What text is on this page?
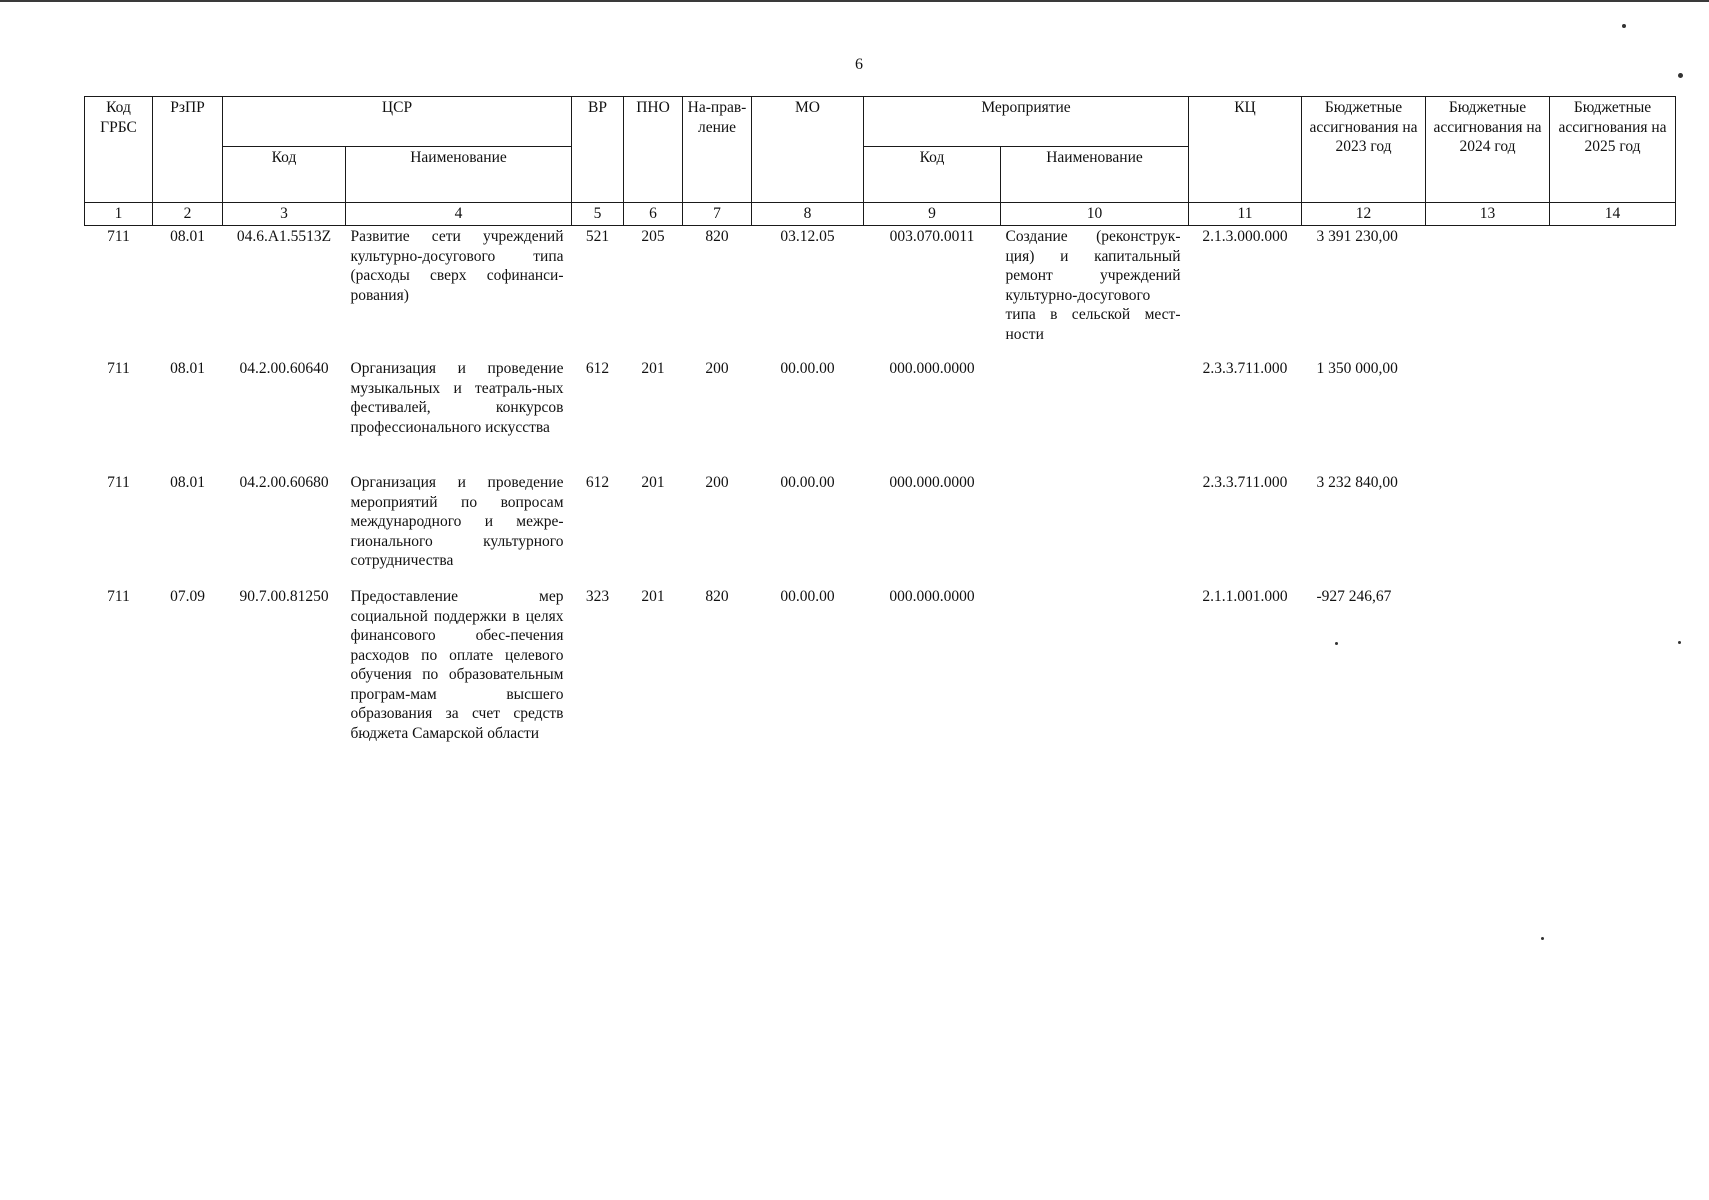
6
Код ГРБС	РзПР	ЦСР		ВР	ПНО	На-прав-ление	МО	Мероприятие		КЦ	Бюджетные ассигнования на 2023 год	Бюджетные ассигнования на 2024 год	Бюджетные ассигнования на 2025 год
		Код	Наименование					Код	Наименование				
1	2	3	4	5	6	7	8	9	10	11	12	13	14
711	08.01	04.6.A1.5513Z	Развитие сети учреждений культурно-досугового типа (расходы сверх софинанси-рования)	521	205	820	03.12.05	003.070.0011	Создание (реконструк-ция) и капитальный ремонт учреждений культурно-досугового типа в сельской мест-ности	2.1.3.000.000	3 391 230,00		
711	08.01	04.2.00.60640	Организация и проведение музыкальных и театраль-ных фестивалей, конкурсов профессионального искусства	612	201	200	00.00.00	000.000.0000		2.3.3.711.000	1 350 000,00		
711	08.01	04.2.00.60680	Организация и проведение мероприятий по вопросам международного и межре-гионального культурного сотрудничества	612	201	200	00.00.00	000.000.0000		2.3.3.711.000	3 232 840,00		
711	07.09	90.7.00.81250	Предоставление мер социальной поддержки в целях финансового обес-печения расходов по оплате целевого обучения по образовательным програм-мам высшего образования за счет средств бюджета Самарской области	323	201	820	00.00.00	000.000.0000		2.1.1.001.000	-927 246,67		
